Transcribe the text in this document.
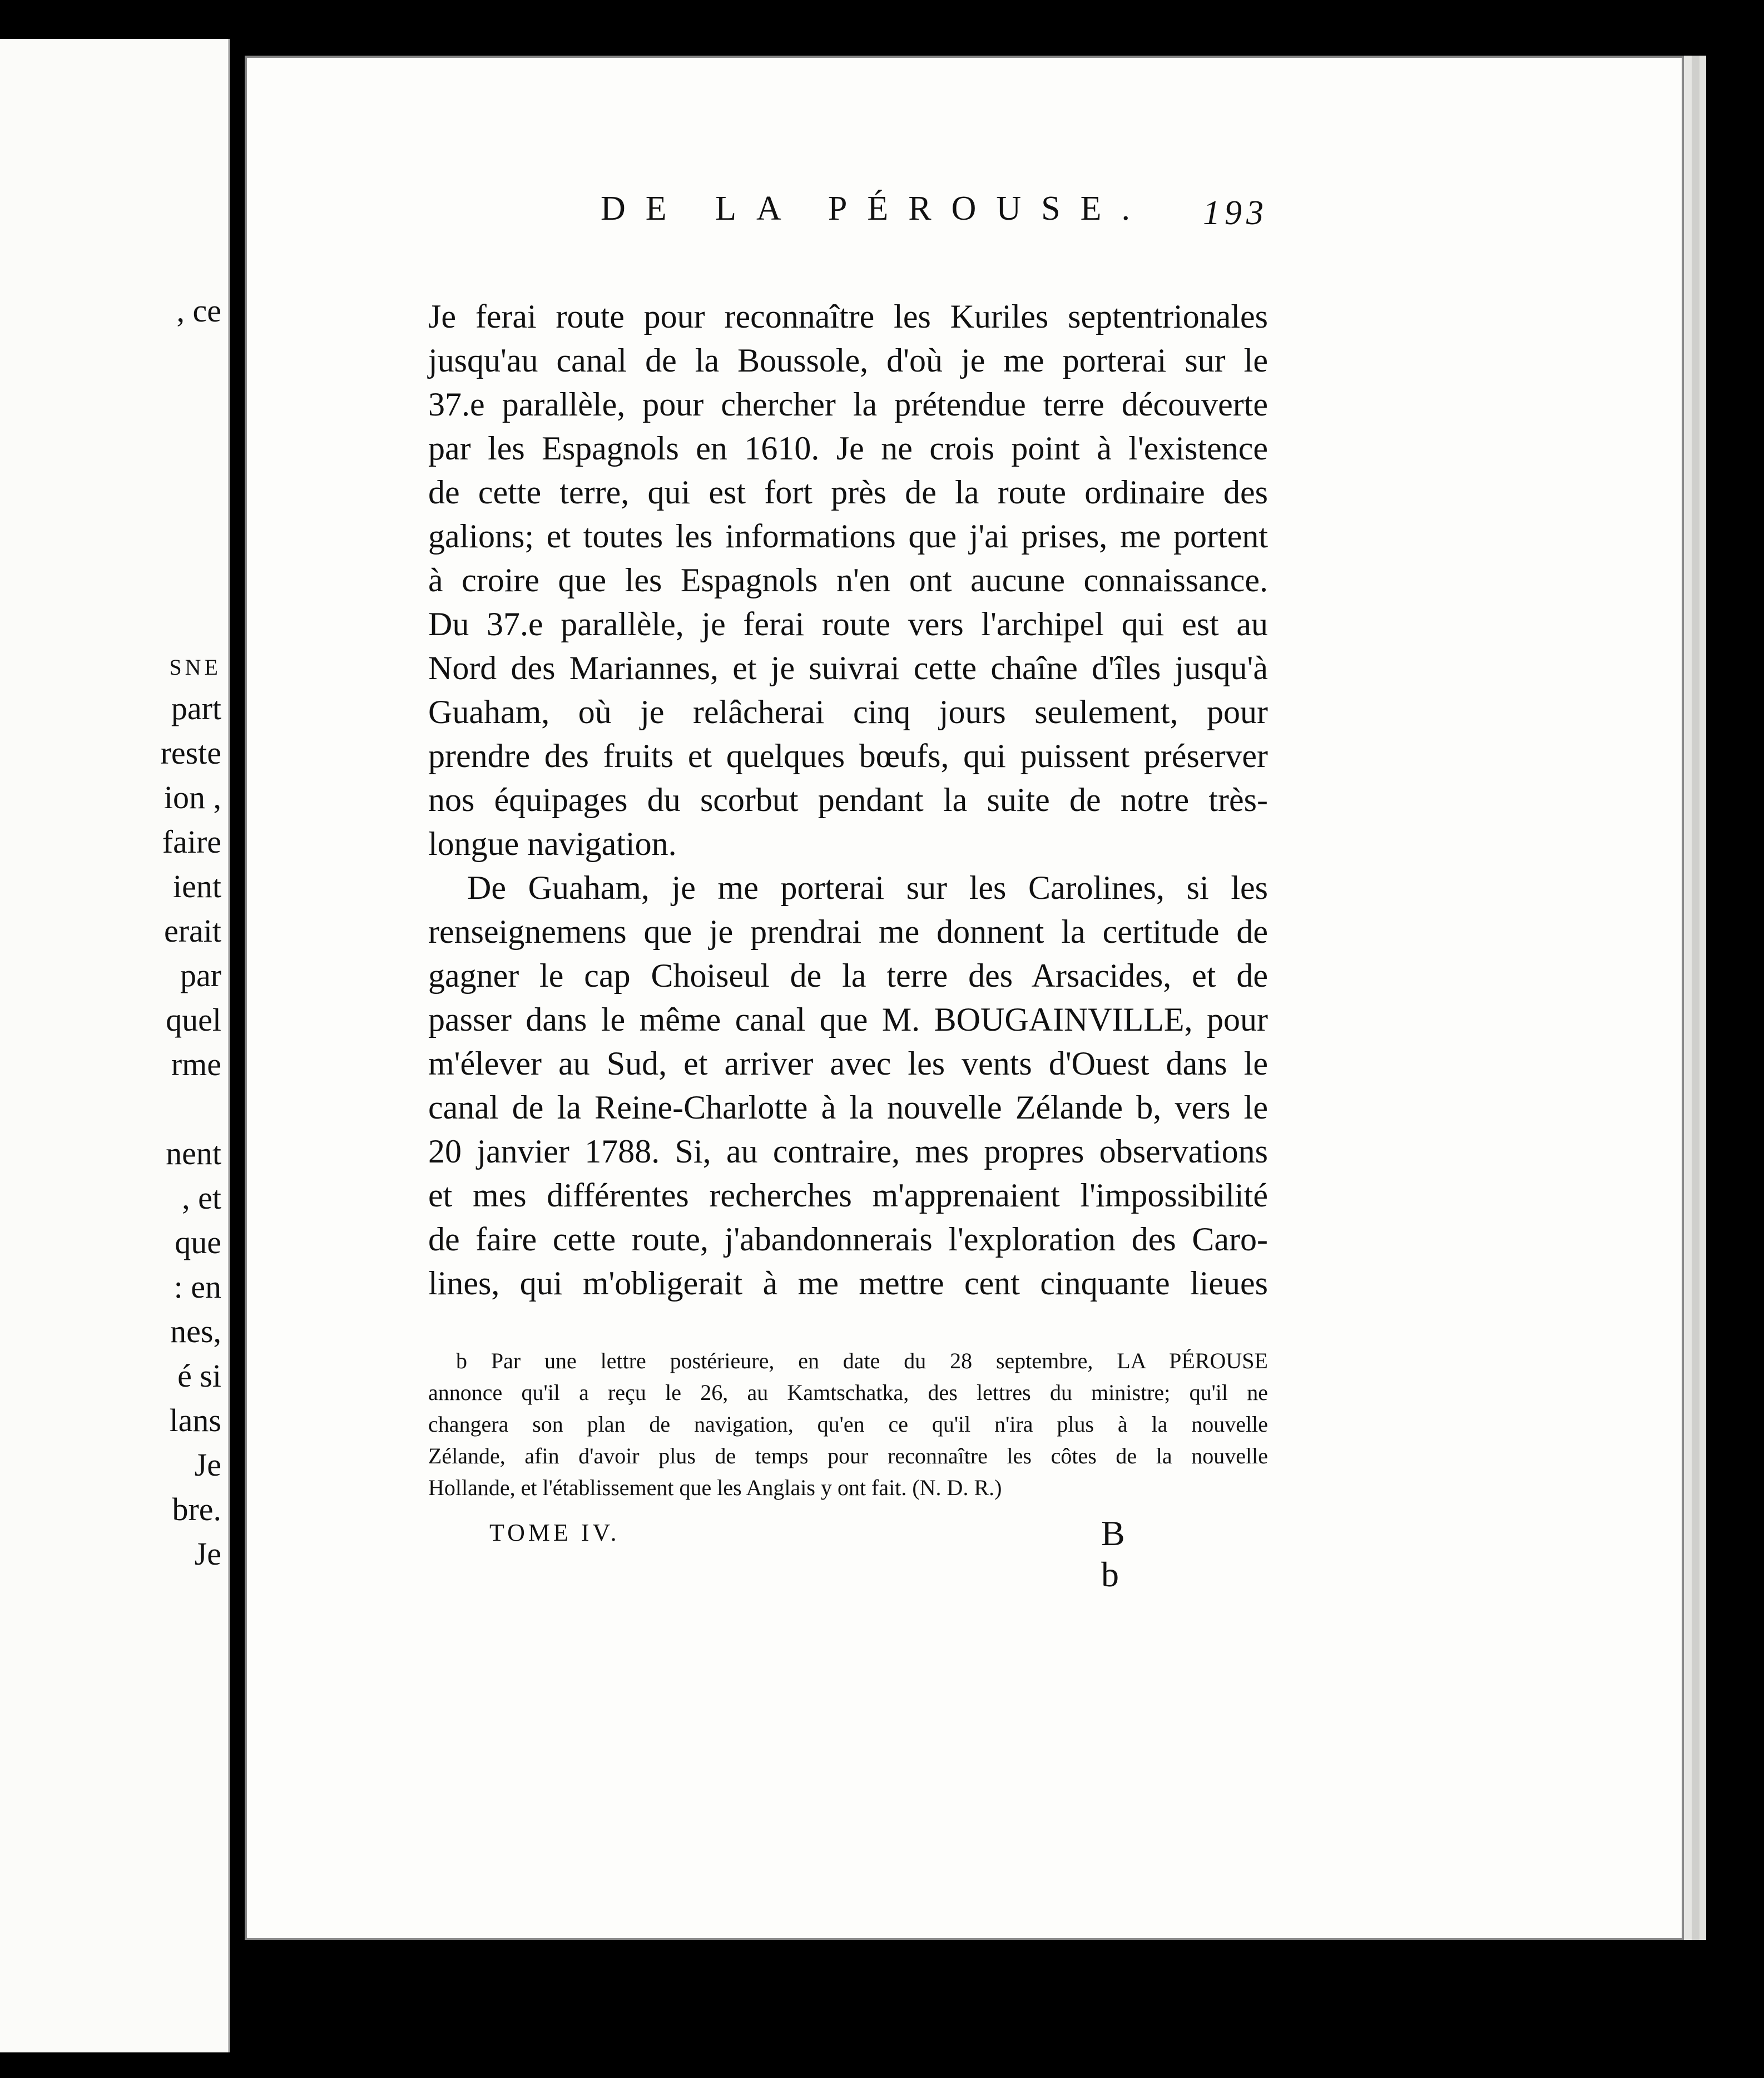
, ce
SNE
part
reste
ion ,
faire
ient
erait
par
quel
rme
nent
, et
que
: en
nes,
é si
lans
Je
bre.
Je
DE LA PÉROUSE. 193
Je ferai route pour reconnaître les Kuriles septentrionales
jusqu'au canal de la Boussole, d'où je me porterai sur le
37.e parallèle, pour chercher la prétendue terre découverte
par les Espagnols en 1610. Je ne crois point à l'existence
de cette terre, qui est fort près de la route ordinaire des
galions; et toutes les informations que j'ai prises, me portent
à croire que les Espagnols n'en ont aucune connaissance.
Du 37.e parallèle, je ferai route vers l'archipel qui est au
Nord des Mariannes, et je suivrai cette chaîne d'îles jusqu'à
Guaham, où je relâcherai cinq jours seulement, pour
prendre des fruits et quelques bœufs, qui puissent préserver
nos équipages du scorbut pendant la suite de notre très-
longue navigation.
De Guaham, je me porterai sur les Carolines, si les
renseignemens que je prendrai me donnent la certitude de
gagner le cap Choiseul de la terre des Arsacides, et de
passer dans le même canal que M. BOUGAINVILLE, pour
m'élever au Sud, et arriver avec les vents d'Ouest dans le
canal de la Reine-Charlotte à la nouvelle Zélande b, vers le
20 janvier 1788. Si, au contraire, mes propres observations
et mes différentes recherches m'apprenaient l'impossibilité
de faire cette route, j'abandonnerais l'exploration des Caro-
lines, qui m'obligerait à me mettre cent cinquante lieues
b Par une lettre postérieure, en date du 28 septembre, LA PÉROUSE
annonce qu'il a reçu le 26, au Kamtschatka, des lettres du ministre; qu'il ne
changera son plan de navigation, qu'en ce qu'il n'ira plus à la nouvelle
Zélande, afin d'avoir plus de temps pour reconnaître les côtes de la nouvelle
Hollande, et l'établissement que les Anglais y ont fait. (N. D. R.)
TOME IV.	B b
